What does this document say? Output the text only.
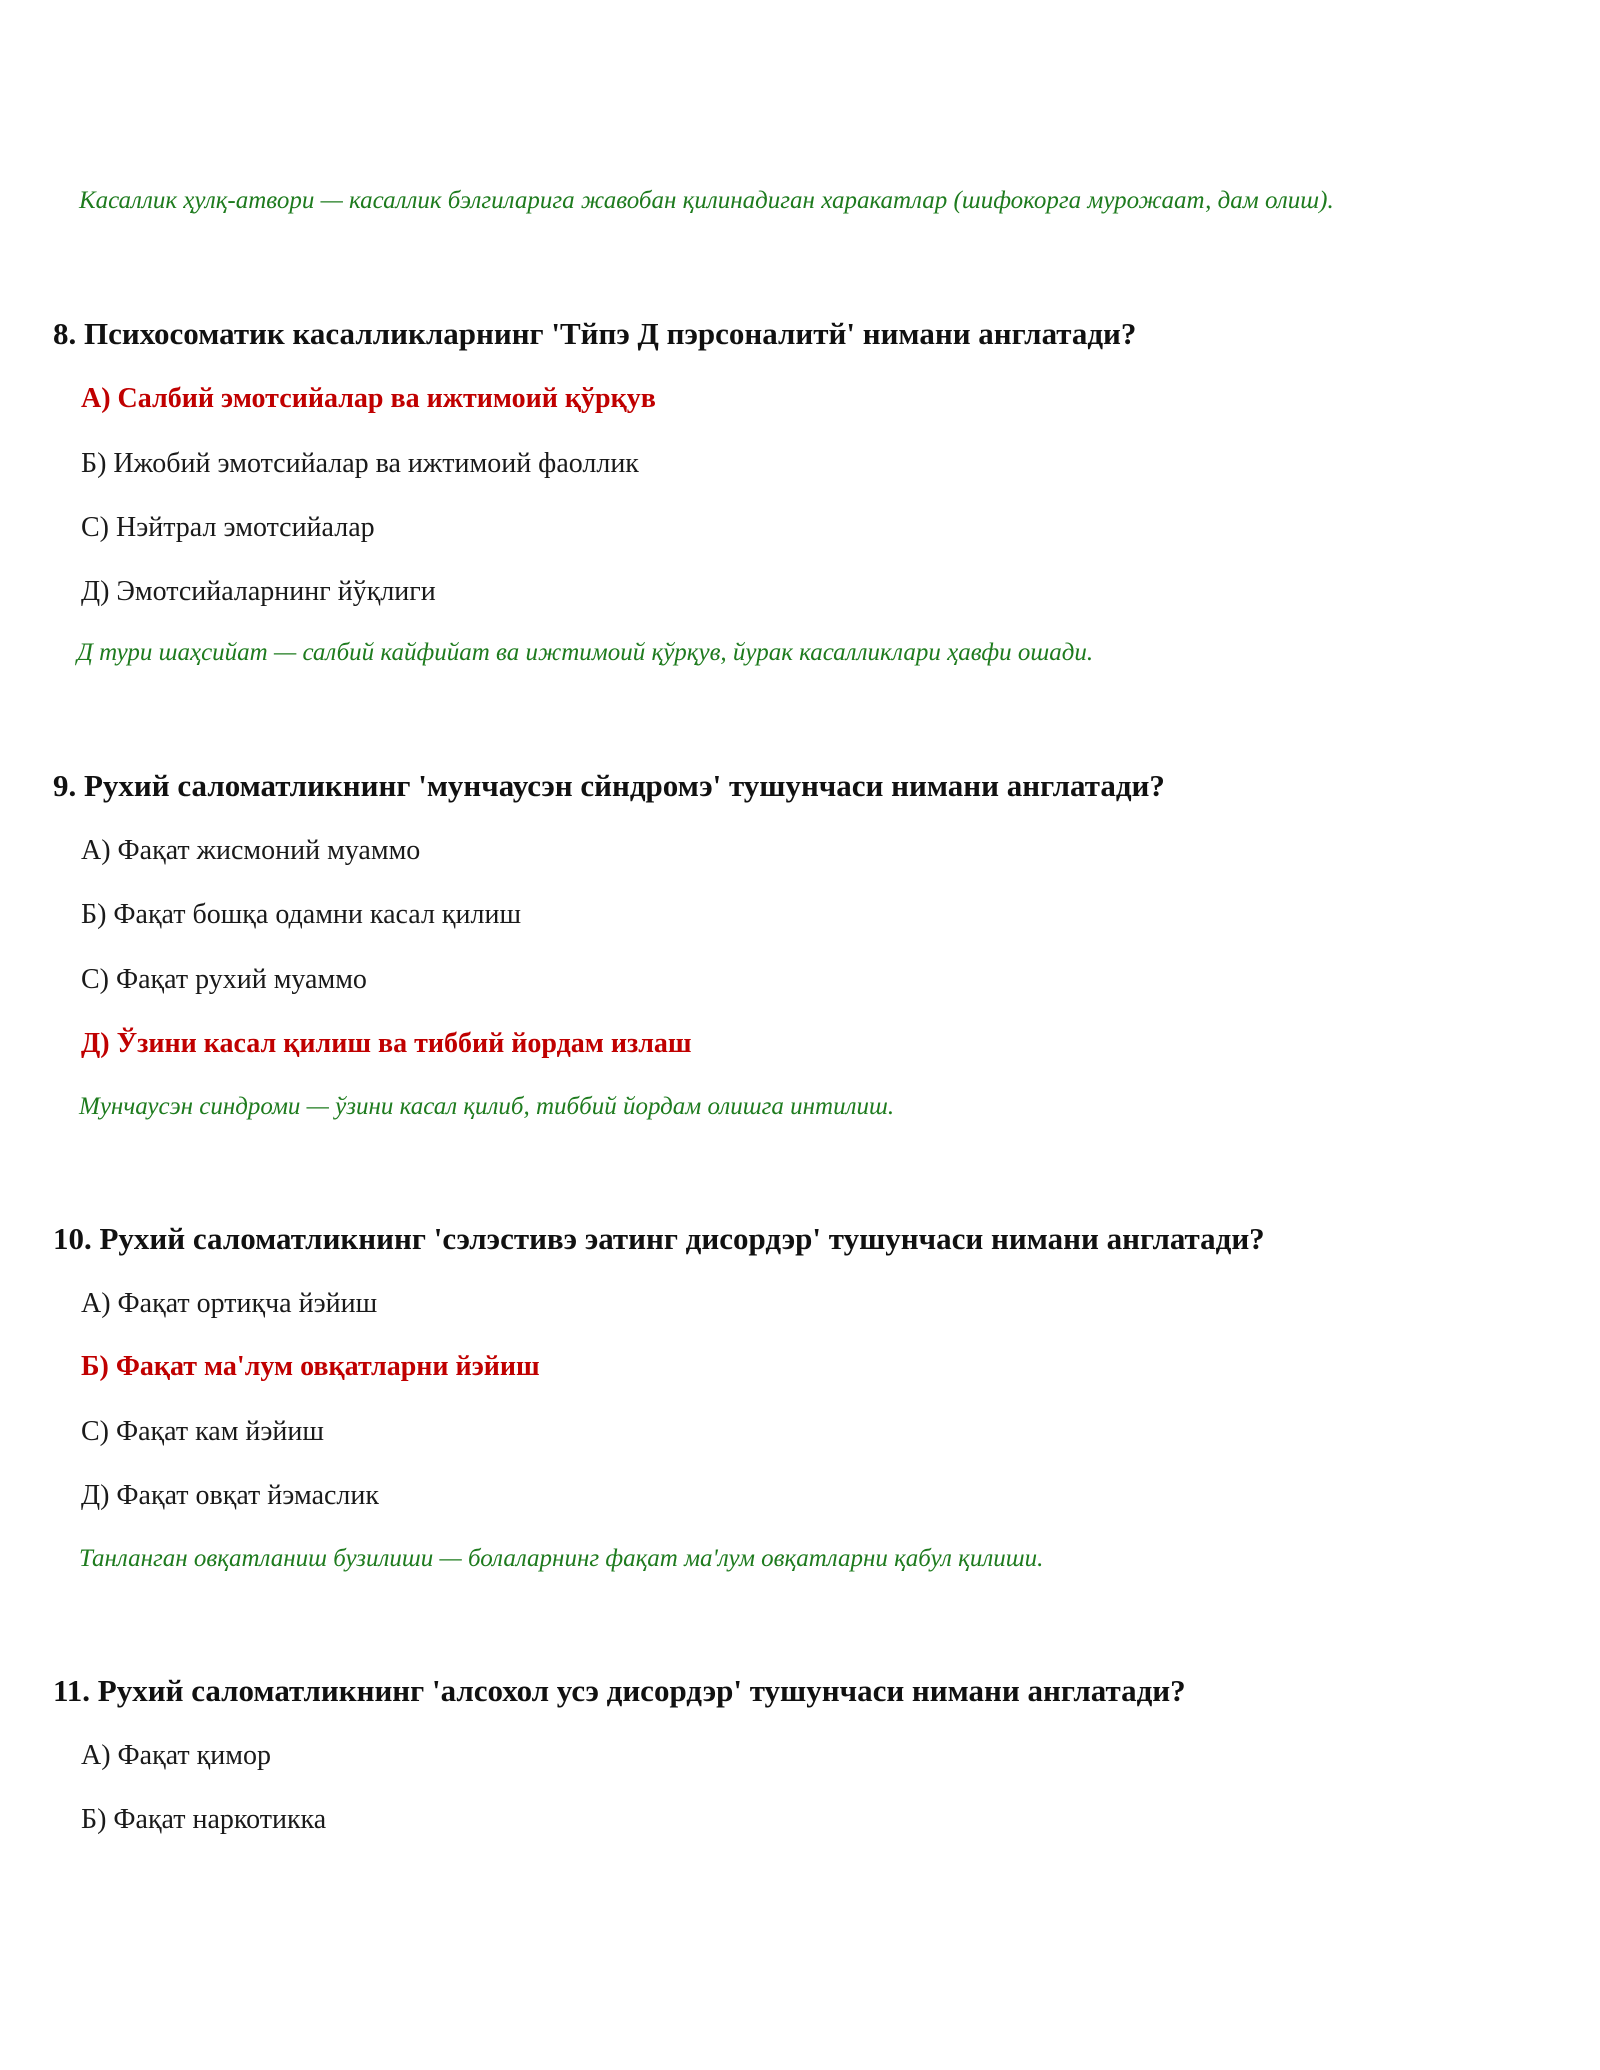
Касаллик ҳулқ-атвори — касаллик бэлгиларига жавобан қилинадиган харакатлар (шифокорга мурожаат, дам олиш).
8. Психосоматик касалликларнинг 'Тйпэ Д пэрсоналитй' нимани англатади?
А) Салбий эмотсийалар ва ижтимоий қўрқув
Б) Ижобий эмотсийалар ва ижтимоий фаоллик
С) Нэйтрал эмотсийалар
Д) Эмотсийаларнинг йўқлиги
Д тури шаҳсийат — салбий кайфийат ва ижтимоий қўрқув, йурак касалликлари ҳавфи ошади.
9. Рухий саломатликнинг 'мунчаусэн сйндромэ' тушунчаси нимани англатади?
А) Фақат жисмоний муаммо
Б) Фақат бошқа одамни касал қилиш
С) Фақат рухий муаммо
Д) Ўзини касал қилиш ва тиббий йордам излаш
Мунчаусэн синдроми — ўзини касал қилиб, тиббий йордам олишга интилиш.
10. Рухий саломатликнинг 'сэлэстивэ эатинг дисордэр' тушунчаси нимани англатади?
А) Фақат ортиқча йэйиш
Б) Фақат ма'лум овқатларни йэйиш
С) Фақат кам йэйиш
Д) Фақат овқат йэмаслик
Танланган овқатланиш бузилиши — болаларнинг фақат ма'лум овқатларни қабул қилиши.
11. Рухий саломатликнинг 'алсохол усэ дисордэр' тушунчаси нимани англатади?
А) Фақат қимор
Б) Фақат наркотикка
